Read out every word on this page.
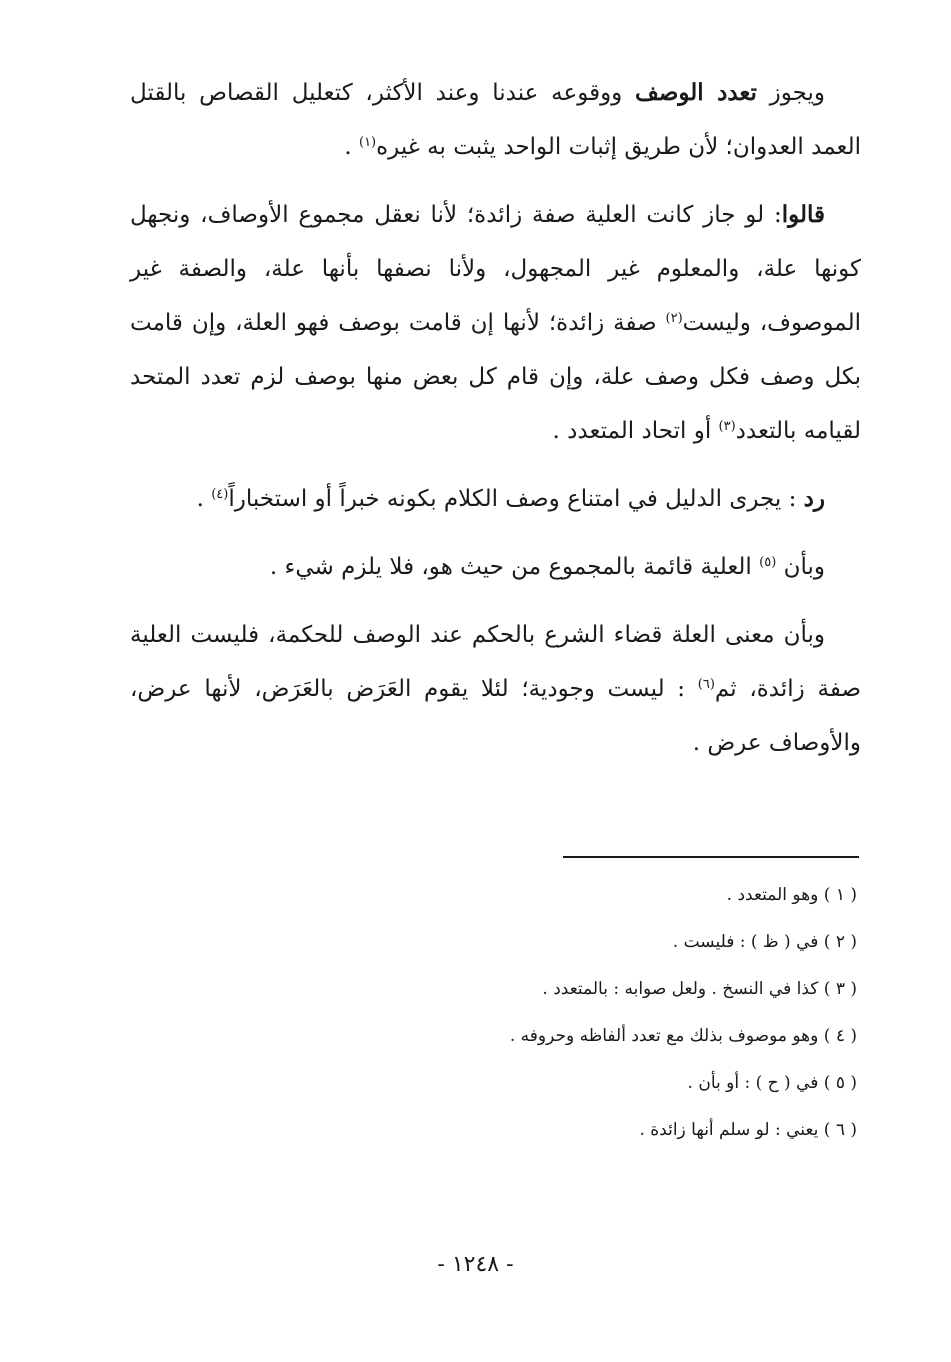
ويجوز تعدد الوصف ووقوعه عندنا وعند الأكثر، كتعليل القصاص بالقتل العمد العدوان؛ لأن طريق إثبات الواحد يثبت به غيره$^{(١)}$ .

قالوا: لو جاز كانت العلية صفة زائدة؛ لأنا نعقل مجموع الأوصاف، ونجهل كونها علة، والمعلوم غير المجهول، ولأنا نصفها بأنها علة، والصفة غير الموصوف، وليست$^{(٢)}$ صفة زائدة؛ لأنها إن قامت بوصف فهو العلة، وإن قامت بكل وصف فكل وصف علة، وإن قام كل بعض منها بوصف لزم تعدد المتحد لقيامه بالتعدد$^{(٣)}$ أو اتحاد المتعدد .

رد : يجرى الدليل في امتناع وصف الكلام بكونه خبراً أو استخباراً$^{(٤)}$ .

وبأن $^{(٥)}$ العلية قائمة بالمجموع من حيث هو، فلا يلزم شيء .

وبأن معنى العلة قضاء الشرع بالحكم عند الوصف للحكمة، فليست العلية صفة زائدة، ثم$^{(٦)}$ : ليست وجودية؛ لئلا يقوم العَرَض بالعَرَض، لأنها عرض، والأوصاف عرض .

( ١ ) وهو المتعدد .
( ٢ ) في ( ظ ) : فليست .
( ٣ ) كذا في النسخ . ولعل صوابه : بالمتعدد .
( ٤ ) وهو موصوف بذلك مع تعدد ألفاظه وحروفه .
( ٥ ) في ( ح ) : أو بأن .
( ٦ ) يعني : لو سلم أنها زائدة .
- ١٢٤٨ -
